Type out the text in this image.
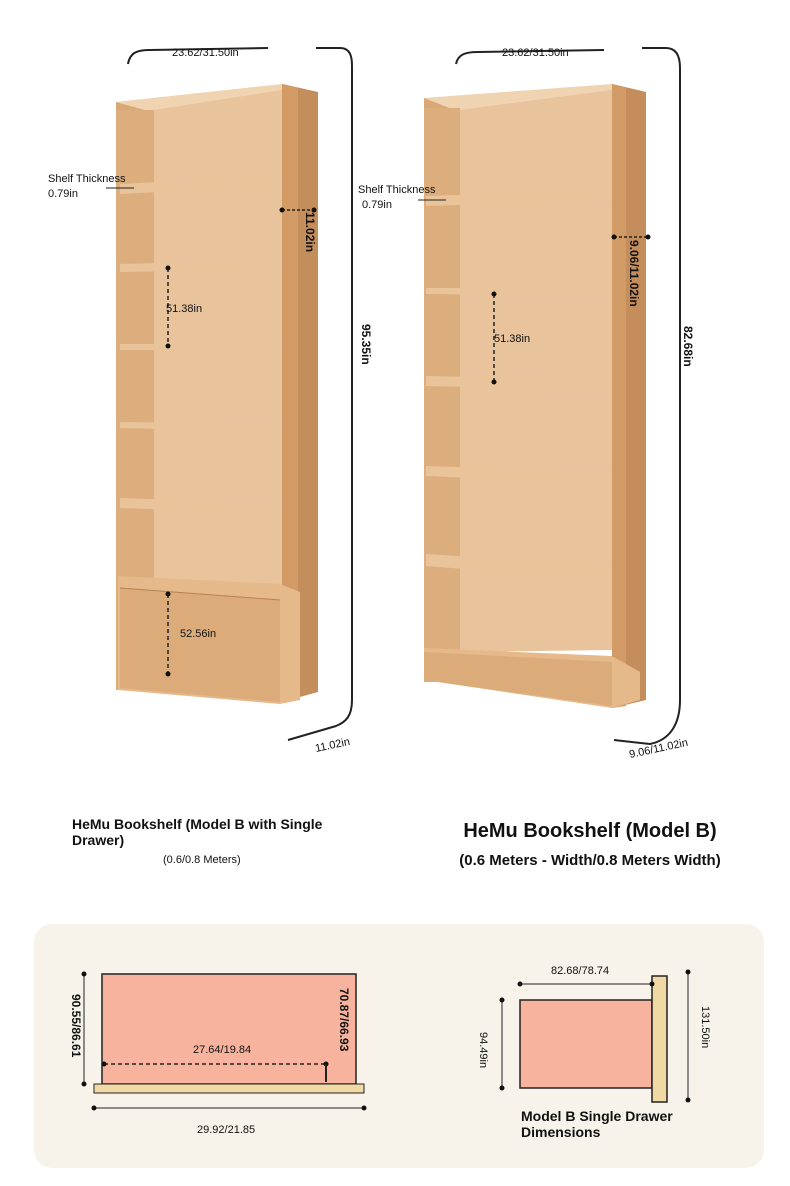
23.62/31.50in
Shelf Thickness
0.79in
11.02in
51.38in
95.35in
52.56in
11.02in
23.62/31.50in
Shelf Thickness
0.79in
9.06/11.02in
51.38in	82.68in
9.06/11.02in
90.55/86.61	70.87/66.93
27.64/19.84
29.92/21.85
82.68/78.74
94.49in
131.50in
HeMu Bookshelf (Model B with Single Drawer)
(0.6/0.8 Meters)
HeMu Bookshelf (Model B)
(0.6 Meters - Width/0.8 Meters Width)
Model B Single Drawer Dimensions
